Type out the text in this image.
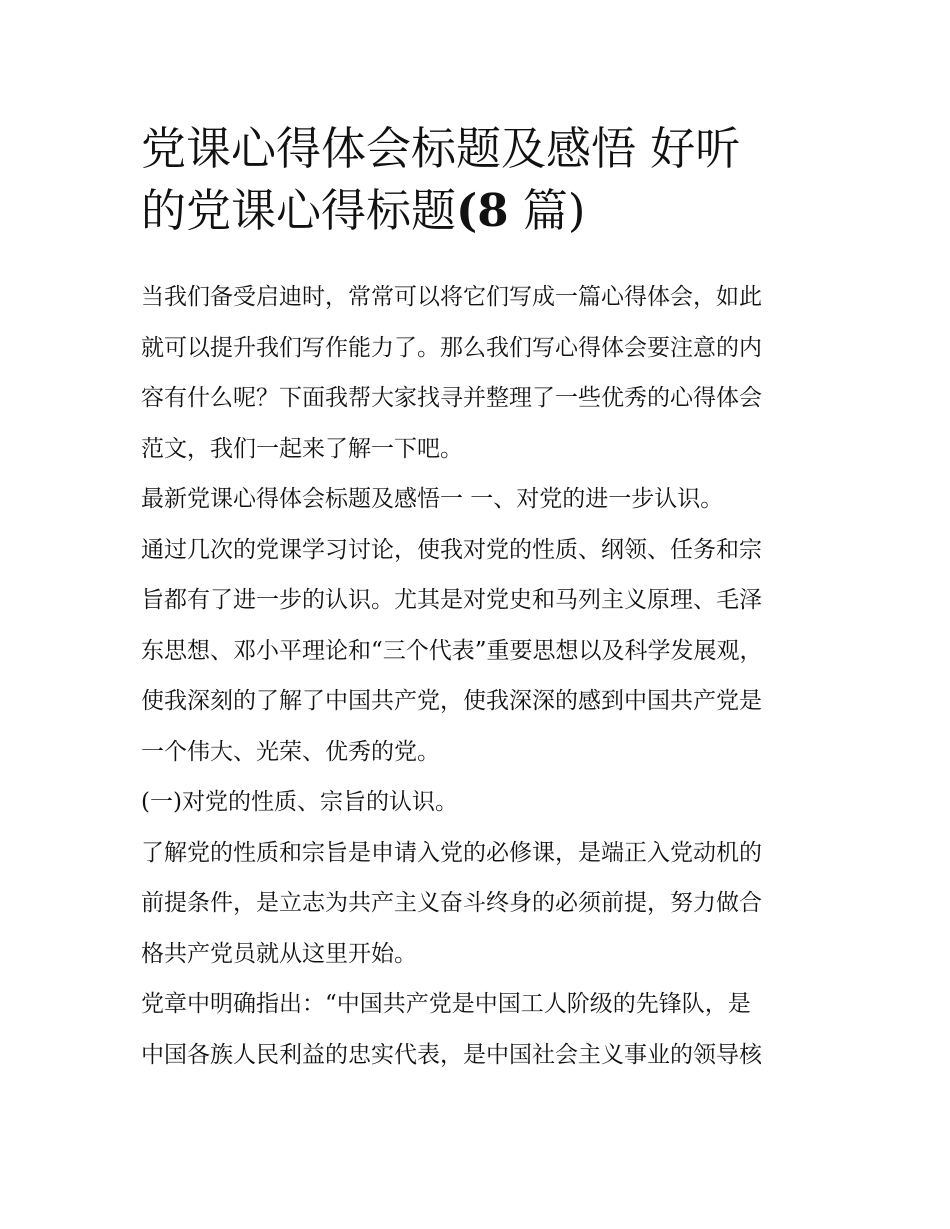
党课心得体会标题及感悟 好听
的党课心得标题(8 篇)

当我们备受启迪时，常常可以将它们写成一篇心得体会，如此
就可以提升我们写作能力了。那么我们写心得体会要注意的内
容有什么呢？下面我帮大家找寻并整理了一些优秀的心得体会
范文，我们一起来了解一下吧。

最新党课心得体会标题及感悟一 一、对党的进一步认识。

通过几次的党课学习讨论，使我对党的性质、纲领、任务和宗
旨都有了进一步的认识。尤其是对党史和马列主义原理、毛泽
东思想、邓小平理论和“三个代表”重要思想以及科学发展观，
使我深刻的了解了中国共产党，使我深深的感到中国共产党是
一个伟大、光荣、优秀的党。

(一)对党的性质、宗旨的认识。

了解党的性质和宗旨是申请入党的必修课，是端正入党动机的
前提条件，是立志为共产主义奋斗终身的必须前提，努力做合
格共产党员就从这里开始。

党章中明确指出：“中国共产党是中国工人阶级的先锋队，是
中国各族人民利益的忠实代表，是中国社会主义事业的领导核
